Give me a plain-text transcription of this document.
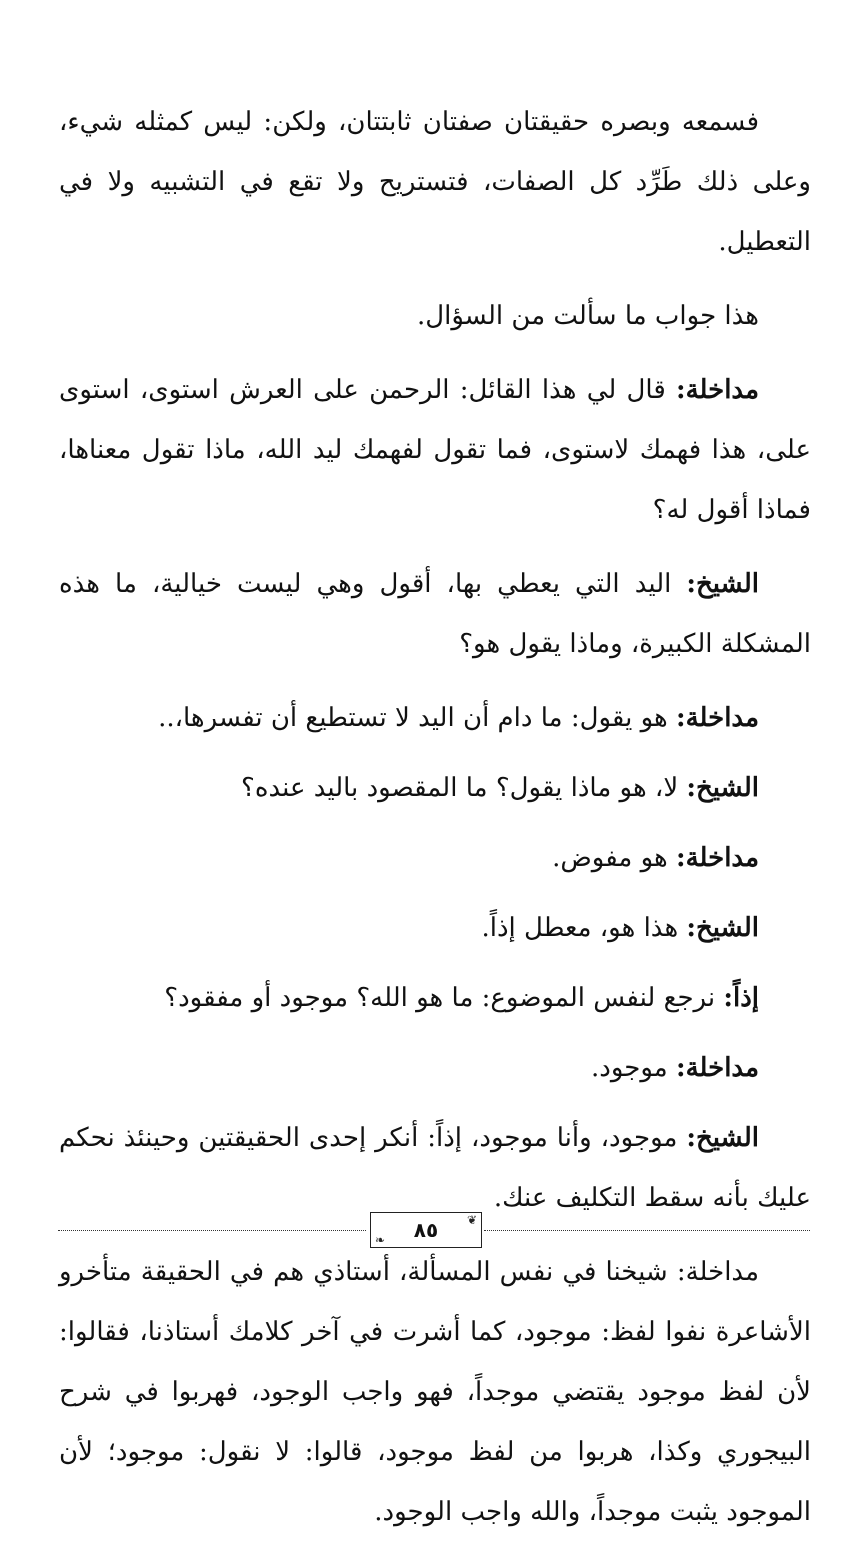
فسمعه وبصره حقيقتان صفتان ثابتتان، ولكن: ليس كمثله شيء، وعلى ذلك طَرِّد كل الصفات، فتستريح ولا تقع في التشبيه ولا في التعطيل.

هذا جواب ما سألت من السؤال.

مداخلة: قال لي هذا القائل: الرحمن على العرش استوى، استوى على، هذا فهمك لاستوى، فما تقول لفهمك ليد الله، ماذا تقول معناها، فماذا أقول له؟

الشيخ: اليد التي يعطي بها، أقول وهي ليست خيالية، ما هذه المشكلة الكبيرة، وماذا يقول هو؟

مداخلة: هو يقول: ما دام أن اليد لا تستطيع أن تفسرها،..

الشيخ: لا، هو ماذا يقول؟ ما المقصود باليد عنده؟

مداخلة: هو مفوض.

الشيخ: هذا هو، معطل إذاً.

إذاً: نرجع لنفس الموضوع: ما هو الله؟ موجود أو مفقود؟

مداخلة: موجود.

الشيخ: موجود، وأنا موجود، إذاً: أنكر إحدى الحقيقتين وحينئذ نحكم عليك بأنه سقط التكليف عنك.

مداخلة: شيخنا في نفس المسألة، أستاذي هم في الحقيقة متأخرو الأشاعرة نفوا لفظ: موجود، كما أشرت في آخر كلامك أستاذنا، فقالوا: لأن لفظ موجود يقتضي موجداً، فهو واجب الوجود، فهربوا في شرح البيجوري وكذا، هربوا من لفظ موجود، قالوا: لا نقول: موجود؛ لأن الموجود يثبت موجداً، والله واجب الوجود.

❦
❧	٨٥
